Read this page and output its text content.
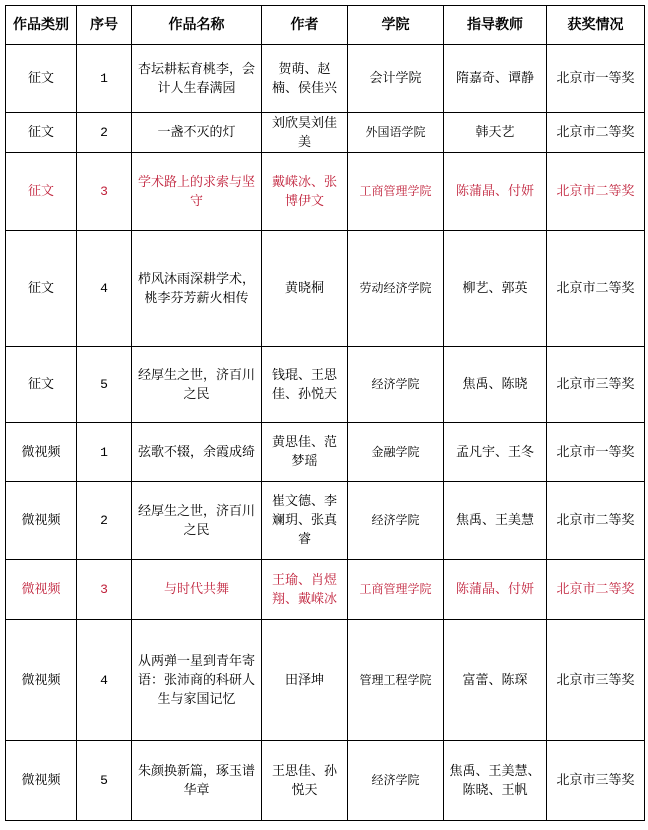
作品类别	序号	作品名称	作者	学院	指导教师	获奖情况
征文	1	杏坛耕耘育桃李，会计人生春满园	贺萌、赵楠、侯佳兴	会计学院	隋嘉奇、谭静	北京市一等奖
征文	2	一盏不灭的灯	刘欣昊刘佳美	外国语学院	韩天艺	北京市二等奖
征文	3	学术路上的求索与坚守	戴嵘冰、张博伊文	工商管理学院	陈蒲晶、付妍	北京市二等奖
征文	4	栉风沐雨深耕学术，桃李芬芳薪火相传	黄晓桐	劳动经济学院	柳艺、郭英	北京市二等奖
征文	5	经厚生之世，济百川之民	钱琨、王思佳、孙悦天	经济学院	焦禹、陈晓	北京市三等奖
微视频	1	弦歌不辍，余霞成绮	黄思佳、范梦瑶	金融学院	孟凡宇、王冬	北京市一等奖
微视频	2	经厚生之世，济百川之民	崔文德、李斓玥、张真睿	经济学院	焦禹、王美慧	北京市二等奖
微视频	3	与时代共舞	王瑜、肖煜翔、戴嵘冰	工商管理学院	陈蒲晶、付妍	北京市二等奖
微视频	4	从两弹一星到青年寄语：张沛商的科研人生与家国记忆	田泽坤	管理工程学院	富蕾、陈琛	北京市三等奖
微视频	5	朱颜换新篇，琢玉谱华章	王思佳、孙悦天	经济学院	焦禹、王美慧、陈晓、王帆	北京市三等奖
